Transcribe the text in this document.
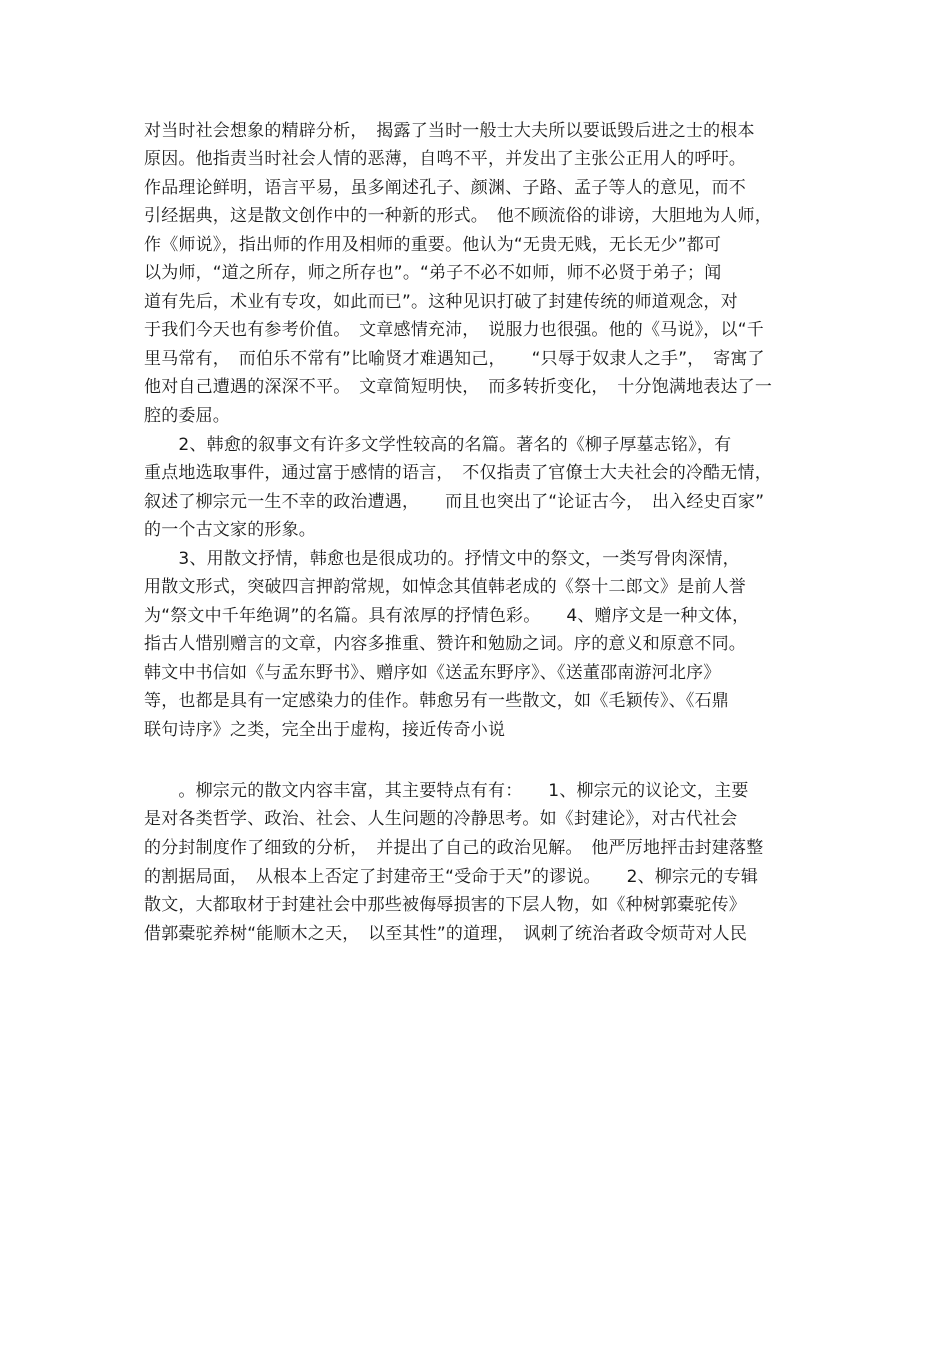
对当时社会想象的精辟分析，　揭露了当时一般士大夫所以要诋毁后进之士的根本
原因。他指责当时社会人情的恶薄，自鸣不平，并发出了主张公正用人的呼吁。
作品理论鲜明，语言平易，虽多阐述孔子、颜渊、子路、孟子等人的意见，而不
引经据典，这是散文创作中的一种新的形式。　他不顾流俗的诽谤，大胆地为人师，
作《师说》，指出师的作用及相师的重要。他认为“无贵无贱，无长无少”都可
以为师，“道之所存，师之所存也”。“弟子不必不如师，师不必贤于弟子；闻
道有先后，术业有专攻，如此而已”。这种见识打破了封建传统的师道观念，对
于我们今天也有参考价值。　文章感情充沛，　说服力也很强。他的《马说》，以“千
里马常有，　而伯乐不常有”比喻贤才难遇知己，　　“只辱于奴隶人之手”，　寄寓了
他对自己遭遇的深深不平。　文章简短明快，　而多转折变化，　十分饱满地表达了一
腔的委屈。
　　2、韩愈的叙事文有许多文学性较高的名篇。著名的《柳子厚墓志铭》，有
重点地选取事件，通过富于感情的语言，　不仅指责了官僚士大夫社会的冷酷无情，
叙述了柳宗元一生不幸的政治遭遇，　　而且也突出了“论证古今，　出入经史百家”
的一个古文家的形象。
　　3、用散文抒情，韩愈也是很成功的。抒情文中的祭文，一类写骨肉深情，
用散文形式，突破四言押韵常规，如悼念其值韩老成的《祭十二郎文》是前人誉
为“祭文中千年绝调”的名篇。具有浓厚的抒情色彩。　　4、赠序文是一种文体，
指古人惜别赠言的文章，内容多推重、赞许和勉励之词。序的意义和原意不同。
韩文中书信如《与孟东野书》、赠序如《送孟东野序》、《送董邵南游河北序》
等，也都是具有一定感染力的佳作。韩愈另有一些散文，如《毛颖传》、《石鼎
联句诗序》之类，完全出于虚构，接近传奇小说
　　。柳宗元的散文内容丰富，其主要特点有有：　　1、柳宗元的议论文，主要
是对各类哲学、政治、社会、人生问题的冷静思考。如《封建论》，对古代社会
的分封制度作了细致的分析，　并提出了自己的政治见解。　他严厉地抨击封建落整
的割据局面，　从根本上否定了封建帝王“受命于天”的谬说。　　2、柳宗元的专辑
散文，大都取材于封建社会中那些被侮辱损害的下层人物，如《种树郭橐驼传》
借郭橐驼养树“能顺木之天，　以至其性”的道理，　讽刺了统治者政令烦苛对人民
